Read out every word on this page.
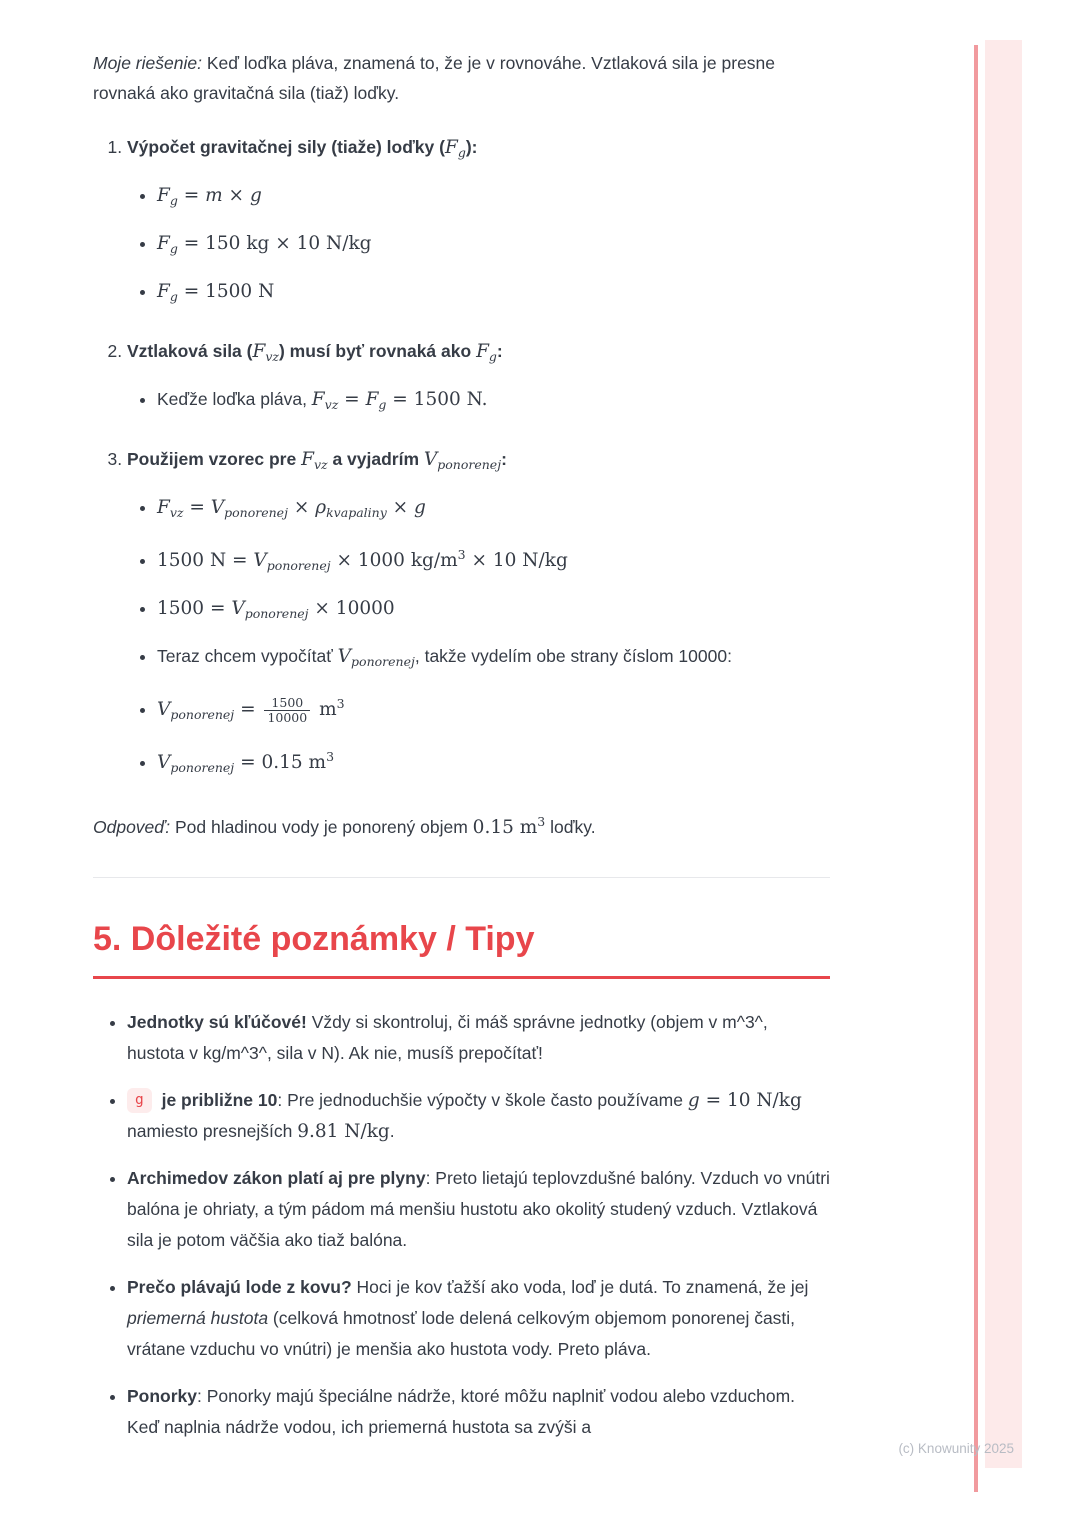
Moje riešenie: Keď loďka pláva, znamená to, že je v rovnováhe. Vztlaková sila je presne rovnaká ako gravitačná sila (tiaž) loďky.

1. Výpočet gravitačnej sily (tiaže) loďky $(F_g)$:
• $F_g = m \times g$
• $F_g = 150$ kg × 10 N/kg
• $F_g = 1500$ N
2. Vztlaková sila $(F_{vz})$ musí byť rovnaká ako $F_g$:
• Keďže loďka pláva, $F_{vz} = F_g = 1500$ N.
3. Použijem vzorec pre $F_{vz}$ a vyjadrím $V_{ponorenej}$:
• $F_{vz} = V_{ponorenej} \times \rho_{kvapaliny} \times g$
• 1500 $N = V_{ponorenej} \times 1000$ $kg/m^3 \times 10$ N/kg
• $1500 = V_{ponorenej} \times 10000$
• Teraz chcem vypočítať $V_{ponorenej}$, takže vydelím obe strany číslom 10000:
• $V_{ponorenej} = \frac{1500}{10000} m^3$
• $V_{ponorenej} = 0.15$ $m^3$

Odpoveď: Pod hladinou vody je ponorený objem 0.15 $m^3$ loďky.

5. Dôležité poznámky / Tipy
• Jednotky sú kľúčové! Vždy si skontroluj, či máš správne jednotky (objem v m^3^, hustota v kg/m^3^, sila v N). Ak nie, musíš prepočítať!
• g je približne 10: Pre jednoduchšie výpočty v škole často používame g = 10 N/kg namiesto presnejších 9.81 N/kg.
• Archimedov zákon platí aj pre plyny: Preto lietajú teplovzdušné balóny. Vzduch vo vnútri balóna je ohriaty, a tým pádom má menšiu hustotu ako okolitý studený vzduch. Vztlaková sila je potom väčšia ako tiaž balóna.
• Prečo plávajú lode z kovu? Hoci je kov ťažší ako voda, loď je dutá. To znamená, že jej priemerná hustota (celková hmotnosť lode delená celkovým objemom ponorenej časti, vrátane vzduchu vo vnútri) je menšia ako hustota vody. Preto pláva.
• Ponorky: Ponorky majú špeciálne nádrže, ktoré môžu naplniť vodou alebo vzduchom. Keď naplnia nádrže vodou, ich priemerná hustota sa zvýši a
(c) Knowunity 2025
